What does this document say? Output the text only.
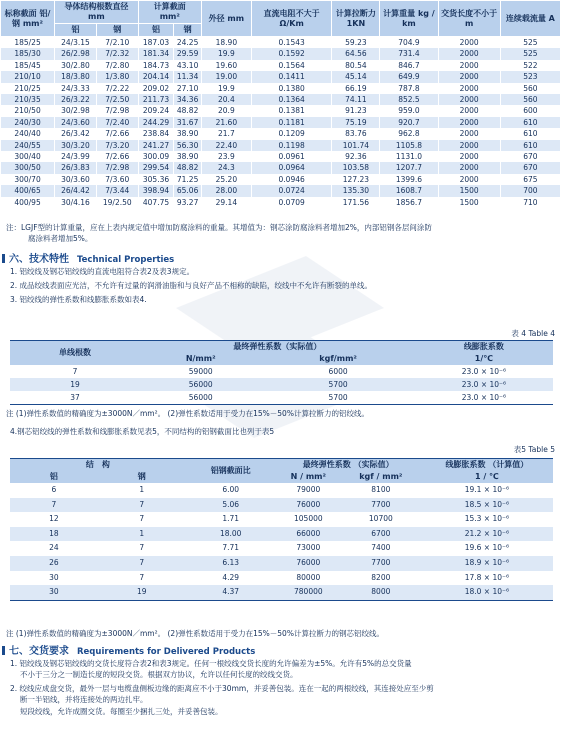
标称截面 铝/钢 mm²	导体结构根数直径
mm		计算截面
mm²		外径 mm	直流电阻不大于 Ω/Km	计算拉断力 1KN	计算重量 kg / km	交货长度不小于 m	连续载流量 A
	铝	钢	铝	钢						
185/25	24/3.15	7/2.10	187.03	24.25	18.90	0.1543	59.23	704.9	2000	525
185/30	26/2.98	7/2.32	181.34	29.59	19.9	0.1592	64.56	731.4	2000	525
185/45	30/2.80	7/2.80	184.73	43.10	19.60	0.1564	80.54	846.7	2000	522
210/10	18/3.80	1/3.80	204.14	11.34	19.00	0.1411	45.14	649.9	2000	523
210/25	24/3.33	7/2.22	209.02	27.10	19.9	0.1380	66.19	787.8	2000	560
210/35	26/3.22	7/2.50	211.73	34.36	20.4	0.1364	74.11	852.5	2000	560
210/50	30/2.98	7/2.98	209.24	48.82	20.9	0.1381	91.23	959.0	2000	600
240/30	24/3.60	7/2.40	244.29	31.67	21.60	0.1181	75.19	920.7	2000	610
240/40	26/3.42	7/2.66	238.84	38.90	21.7	0.1209	83.76	962.8	2000	610
240/55	30/3.20	7/3.20	241.27	56.30	22.40	0.1198	101.74	1105.8	2000	610
300/40	24/3.99	7/2.66	300.09	38.90	23.9	0.0961	92.36	1131.0	2000	670
300/50	26/3.83	7/2.98	299.54	48.82	24.3	0.0964	103.58	1207.7	2000	670
300/70	30/3.60	7/3.60	305.36	71.25	25.20	0.0946	127.23	1399.6	2000	675
400/65	26/4.42	7/3.44	398.94	65.06	28.00	0.0724	135.30	1608.7	1500	700
400/95	30/4.16	19/2.50	407.75	93.27	29.14	0.0709	171.56	1856.7	1500	710
注：LGJF型的计算重量，应在上表内规定值中增加防腐涂料的重量。其增值为：钢芯涂防腐涂料者增加2%，内部铝钢各层间涂防
腐涂料者增加5%。
六、技术特性 Technical Properties
1. 铝绞线及钢芯铝绞线的直流电阻符合表2及表3规定。
2. 成品绞线表面应光洁，不允许有过量的润滑油脂和与良好产品不相称的缺陷，绞线中不允许有断裂的单线。
3. 铝绞线的弹性系数和线膨胀系数如表4.
表 4 Table 4
单线根数	最终弹性系数（实际值）		线膨胀系数
	N/mm²	kgf/mm²	1/℃
7	59000	6000	23.0 × 10⁻⁶
19	56000	5700	23.0 × 10⁻⁶
37	56000	5700	23.0 × 10⁻⁶
注 (1)弹性系数值的精确度为±3000N／mm²。 (2)弹性系数适用于受力在15%－50%计算拉断力的铝绞线。
4.钢芯铝绞线的弹性系数和线膨胀系数见表5，不同结构的铝钢截面比也列于表5
表5 Table 5
结　构		铝钢截面比	最终弹性系数 （实际值）		线膨胀系数 （计算值）
铝	钢		N / mm²	kgf / mm²	1 / ℃
6	1	6.00	79000	8100	19.1 × 10⁻⁶
7	7	5.06	76000	7700	18.5 × 10⁻⁶
12	7	1.71	105000	10700	15.3 × 10⁻⁶
18	1	18.00	66000	6700	21.2 × 10⁻⁶
24	7	7.71	73000	7400	19.6 × 10⁻⁶
26	7	6.13	76000	7700	18.9 × 10⁻⁶
30	7	4.29	80000	8200	17.8 × 10⁻⁶
30	19	4.37	780000	8000	18.0 × 10⁻⁶
注 (1)弹性系数值的精确度为±3000N／mm²。 (2)弹性系数适用于受力在15%－50%计算拉断力的钢芯铝绞线。
七、交货要求 Requirements for Delivered Products
1. 铝绞线及钢芯铝绞线的交货长度符合表2和表3规定。任何一根绞线交货长度的允许偏差为±5%。允许有5%的总交货量
不小于三分之一制造长度的短段交货。根据双方协议，允许以任何长度的绞线交货。
2. 绞线应成盘交货，最外一层与电缆盘侧板边缘的距离应不小于30mm，并妥善包装。连在一起的两根绞线，其连接处应至少剪
断一半铝线，并将连接处的两边扎牢。
短段绞线，允许成圈交货。每圈至少捆扎三处，并妥善包装。
